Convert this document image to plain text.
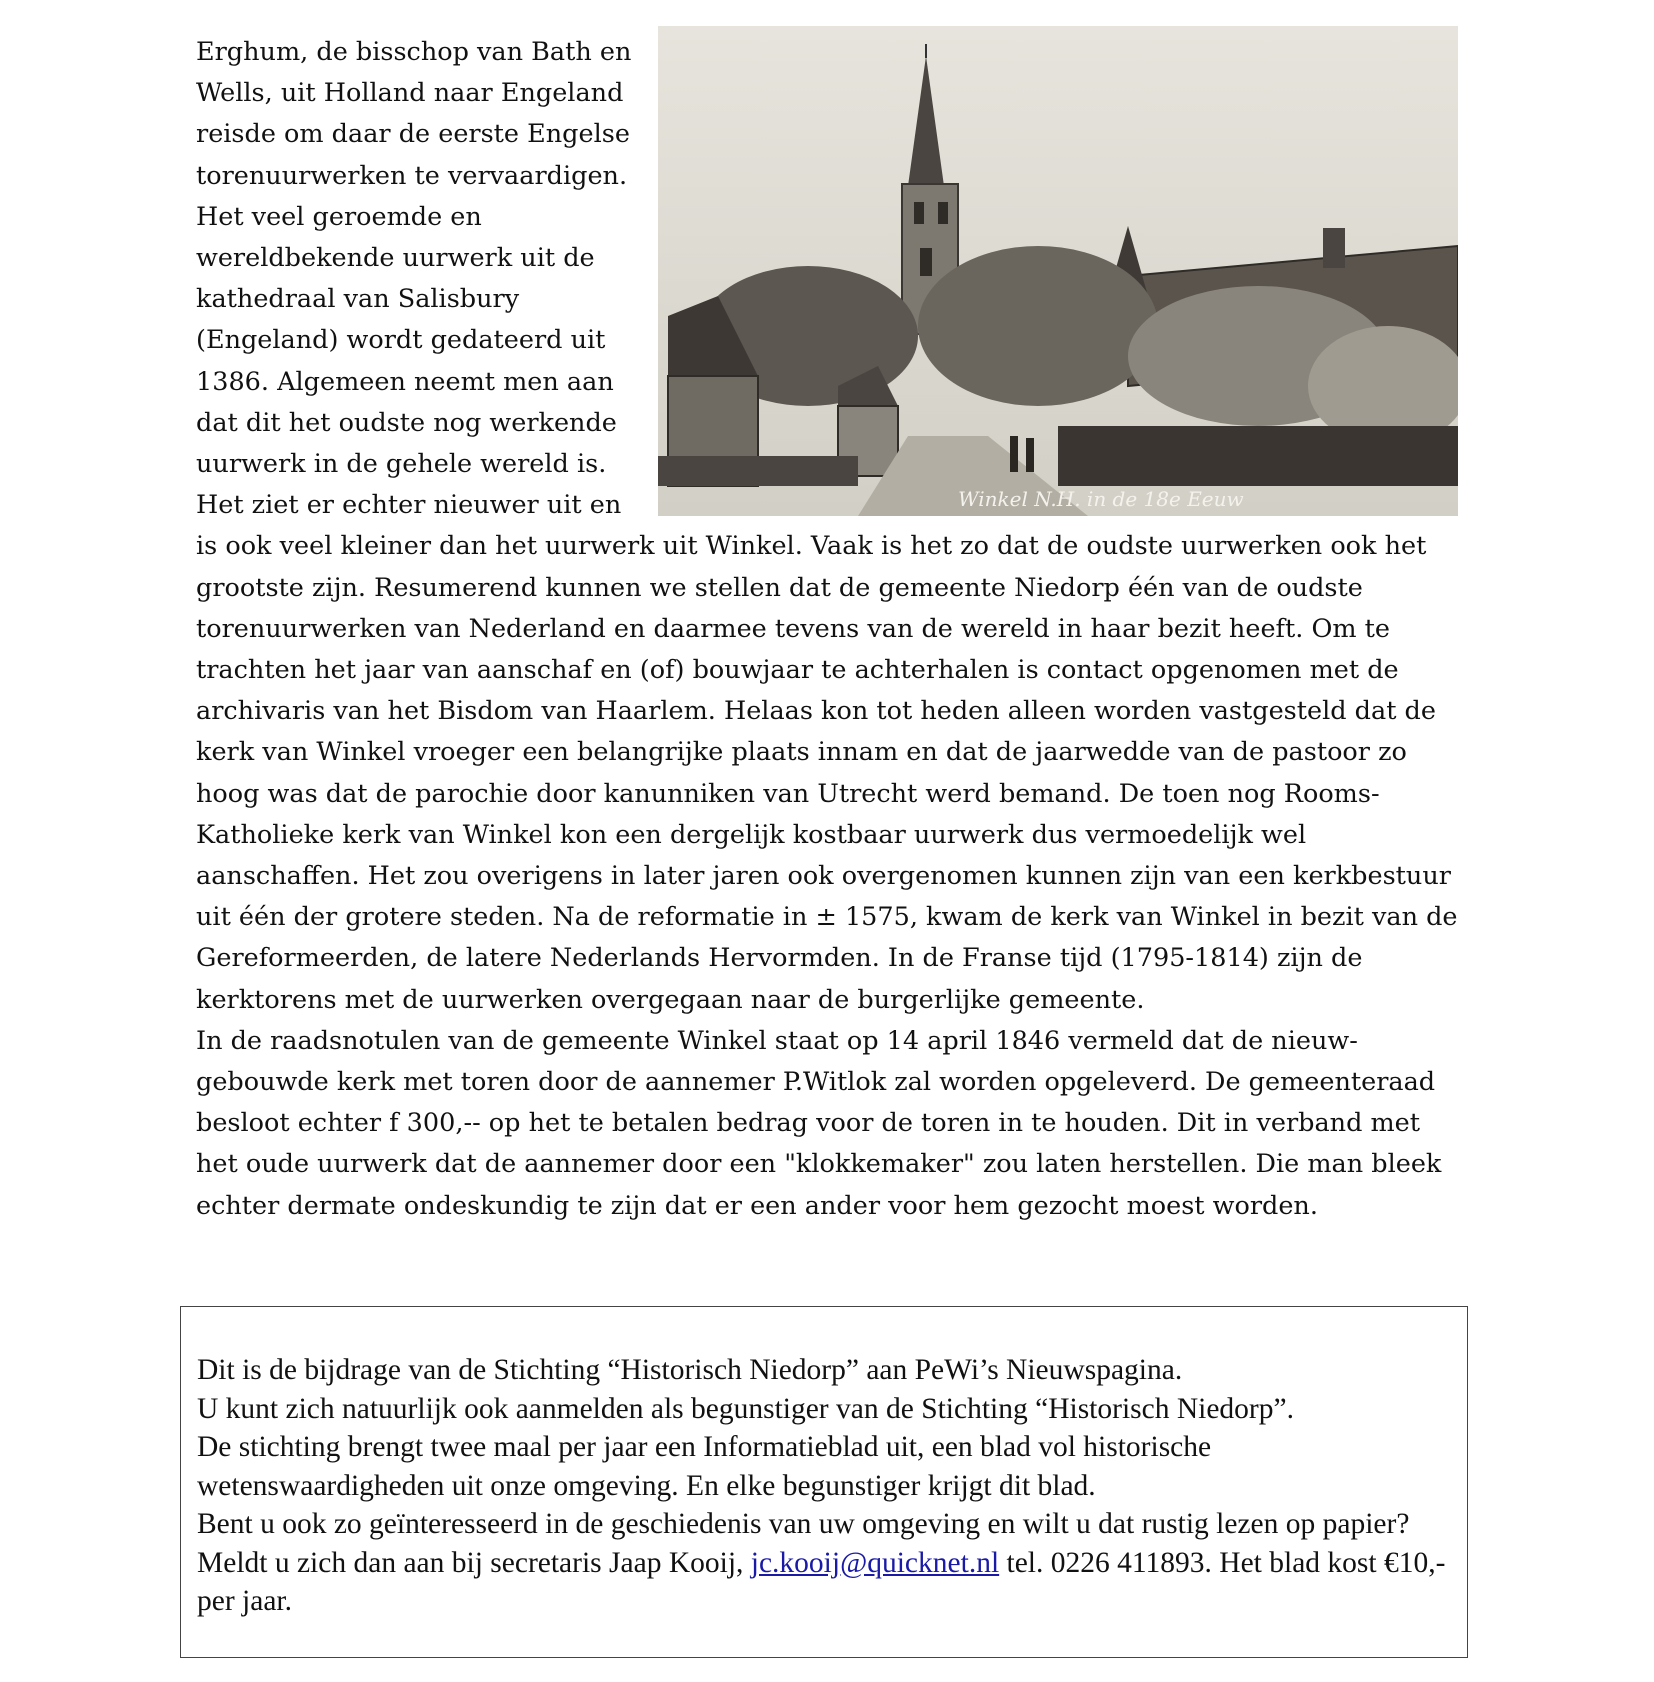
Winkel N.H. in de 18e Eeuw

Erghum, de bisschop van Bath en Wells, uit Holland naar Engeland reisde om daar de eerste Engelse torenuurwerken te vervaardigen. Het veel geroemde en wereldbekende uurwerk uit de kathedraal van Salisbury (Engeland) wordt gedateerd uit 1386. Algemeen neemt men aan dat dit het oudste nog werkende uurwerk in de gehele wereld is. Het ziet er echter nieuwer uit en is ook veel kleiner dan het uurwerk uit Winkel. Vaak is het zo dat de oudste uurwerken ook het grootste zijn. Resumerend kunnen we stellen dat de gemeente Niedorp één van de oudste torenuurwerken van Nederland en daarmee tevens van de wereld in haar bezit heeft. Om te trachten het jaar van aanschaf en (of) bouwjaar te achterhalen is contact opgenomen met de archivaris van het Bisdom van Haarlem. Helaas kon tot heden alleen worden vastgesteld dat de kerk van Winkel vroeger een belangrijke plaats innam en dat de jaarwedde van de pastoor zo hoog was dat de parochie door kanunniken van Utrecht werd bemand. De toen nog Rooms-Katholieke kerk van Winkel kon een dergelijk kostbaar uurwerk dus vermoedelijk wel aanschaffen. Het zou overigens in later jaren ook overgenomen kunnen zijn van een kerkbestuur uit één der grotere steden. Na de reformatie in ± 1575, kwam de kerk van Winkel in bezit van de Gereformeerden, de latere Nederlands Hervormden. In de Franse tijd (1795-1814) zijn de kerktorens met de uurwerken overgegaan naar de burgerlijke gemeente.

In de raadsnotulen van de gemeente Winkel staat op 14 april 1846 vermeld dat de nieuw-gebouwde kerk met toren door de aannemer P.Witlok zal worden opgeleverd. De gemeenteraad besloot echter f 300,-- op het te betalen bedrag voor de toren in te houden. Dit in verband met het oude uurwerk dat de aannemer door een "klokkemaker" zou laten herstellen. Die man bleek echter dermate ondeskundig te zijn dat er een ander voor hem gezocht moest worden.

Dit is de bijdrage van de Stichting “Historisch Niedorp” aan PeWi’s Nieuwspagina.

U kunt zich natuurlijk ook aanmelden als begunstiger van de Stichting “Historisch Niedorp”.

De stichting brengt twee maal per jaar een Informatieblad uit, een blad vol historische wetenswaardigheden uit onze omgeving. En elke begunstiger krijgt dit blad.

Bent u ook zo geïnteresseerd in de geschiedenis van uw omgeving en wilt u dat rustig lezen op papier? Meldt u zich dan aan bij secretaris Jaap Kooij, jc.kooij@quicknet.nl tel. 0226 411893. Het blad kost €10,- per jaar.
